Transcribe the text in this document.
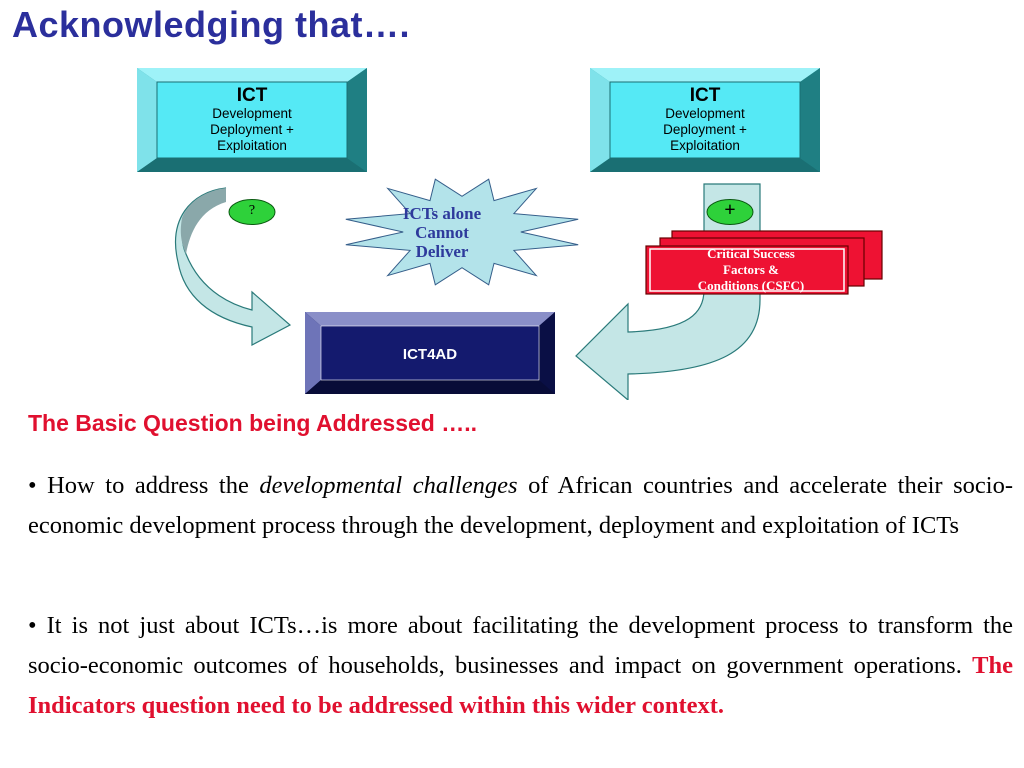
Acknowledging that….
ICT
Development
Deployment +
Exploitation
ICT
Development
Deployment +
Exploitation
?	+
ICTs alone
Cannot
Deliver	Critical Success
Factors &
Conditions (CSFC)
ICT4AD
The Basic Question being Addressed …..

• How to address the developmental challenges of African countries and accelerate their socio-economic development process through the development, deployment and exploitation of ICTs

• It is not just about ICTs…is more about facilitating the development process to transform the socio-economic outcomes of households, businesses and impact on government operations. The Indicators question need to be addressed within this wider context.
